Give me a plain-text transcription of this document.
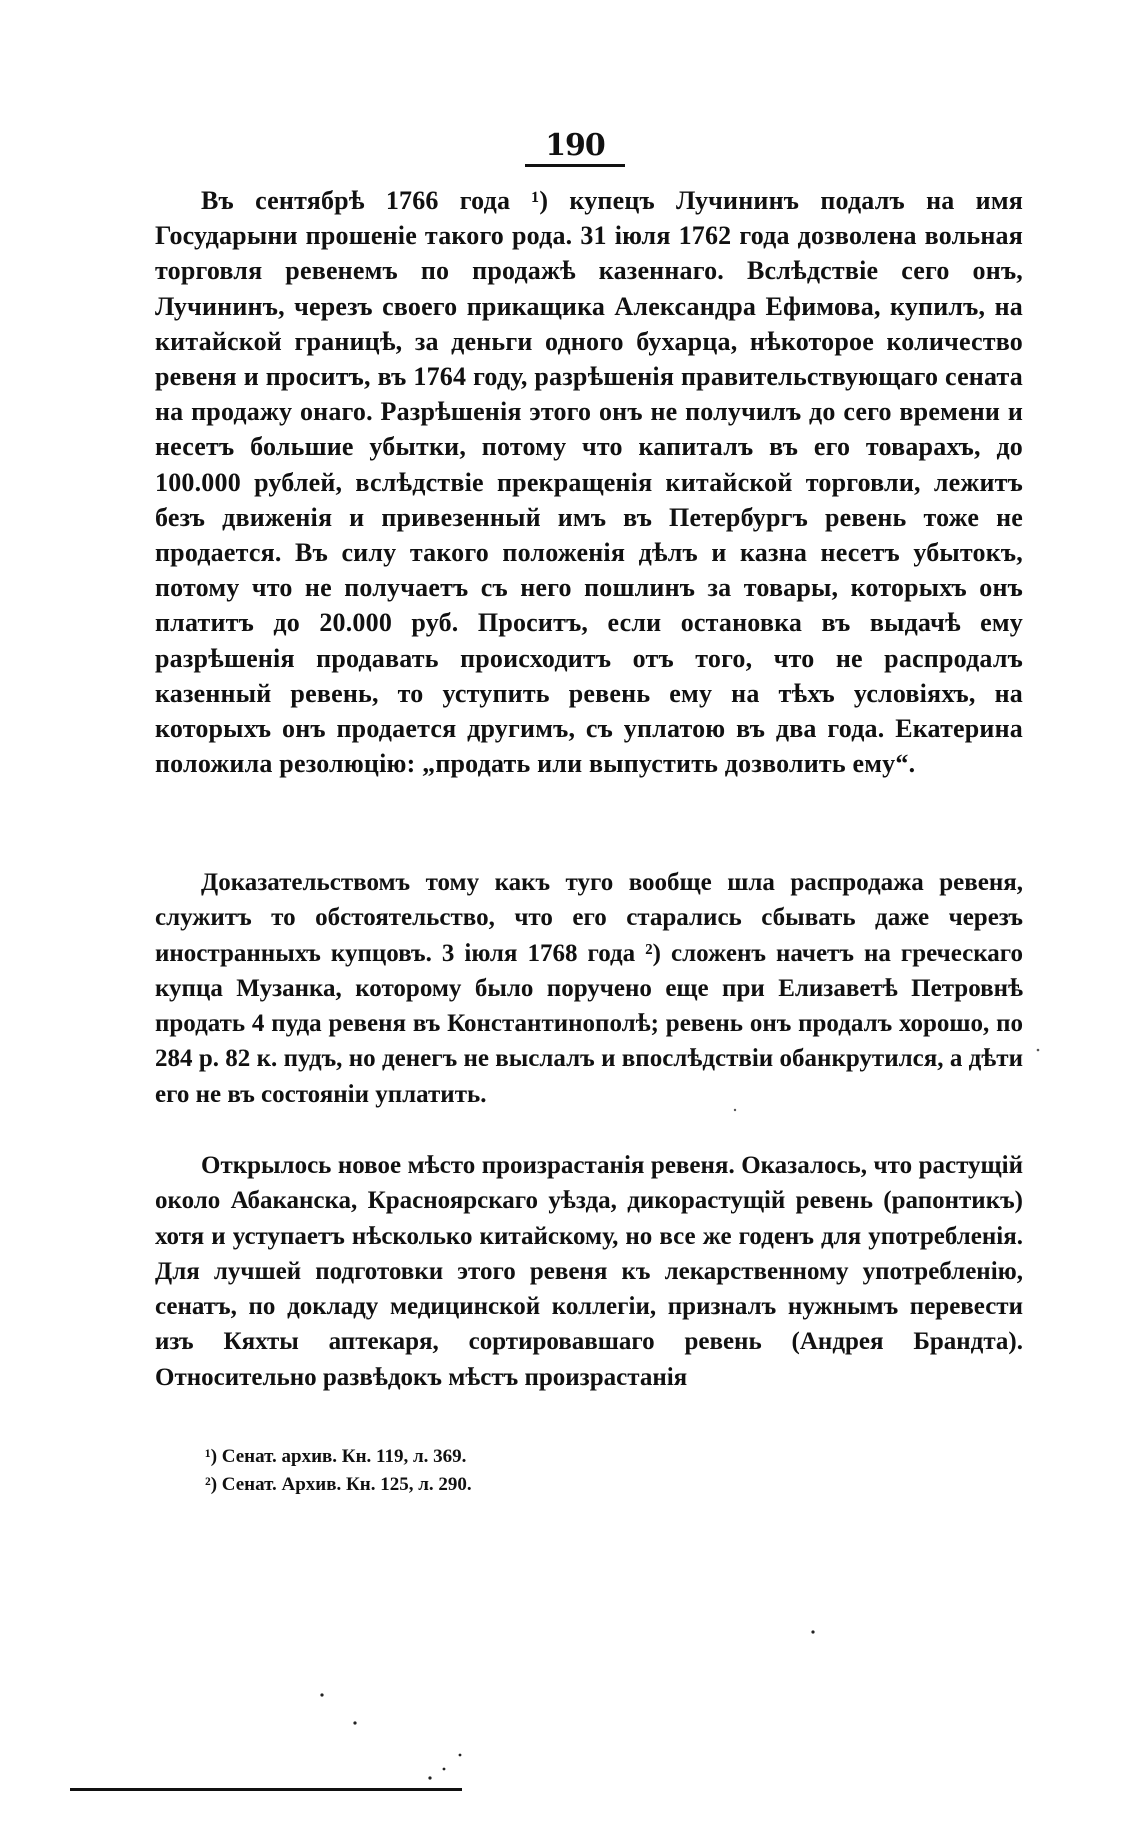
190

Въ сентябрѣ 1766 года ¹) купецъ Лучининъ подалъ на имя Государыни прошеніе такого рода. 31 іюля 1762 года дозволена вольная торговля ревенемъ по продажѣ казеннаго. Вслѣдствіе сего онъ, Лучининъ, черезъ своего прикащика Александра Ефимова, купилъ, на китайской границѣ, за деньги одного бухарца, нѣкоторое количество ревеня и проситъ, въ 1764 году, разрѣшенія правительствующаго сената на продажу онаго. Разрѣшенія этого онъ не получилъ до сего времени и несетъ большие убытки, потому что капиталъ въ его товарахъ, до 100.000 рублей, вслѣдствіе прекращенія китайской торговли, лежитъ безъ движенія и привезенный имъ въ Петербургъ ревень тоже не продается. Въ силу такого положенія дѣлъ и казна несетъ убытокъ, потому что не получаетъ съ него пошлинъ за товары, которыхъ онъ платитъ до 20.000 руб. Проситъ, если остановка въ выдачѣ ему разрѣшенія продавать происходитъ отъ того, что не распродалъ казенный ревень, то уступить ревень ему на тѣхъ условіяхъ, на которыхъ онъ продается другимъ, съ уплатою въ два года. Екатерина положила резолюцію: „продать или выпустить дозволить ему“.

Доказательствомъ тому какъ туго вообще шла распродажа ревеня, служитъ то обстоятельство, что его старались сбывать даже черезъ иностранныхъ купцовъ. 3 іюля 1768 года ²) сложенъ начетъ на греческаго купца Музанка, которому было поручено еще при Елизаветѣ Петровнѣ продать 4 пуда ревеня въ Константинополѣ; ревень онъ продалъ хорошо, по 284 р. 82 к. пудъ, но денегъ не выслалъ и впослѣдствіи обанкрутился, а дѣти его не въ состояніи уплатить.

Открылось новое мѣсто произрастанія ревеня. Оказалось, что растущій около Абаканска, Красноярскаго уѣзда, дикорастущій ревень (рапонтикъ) хотя и уступаетъ нѣсколько китайскому, но все же годенъ для употребленія. Для лучшей подготовки этого ревеня къ лекарственному употребленію, сенатъ, по докладу медицинской коллегіи, призналъ нужнымъ перевести изъ Кяхты аптекаря, сортировавшаго ревень (Андрея Брандта). Относительно развѣдокъ мѣстъ произрастанія

¹) Сенат. архив. Кн. 119, л. 369.
²) Сенат. Архив. Кн. 125, л. 290.
